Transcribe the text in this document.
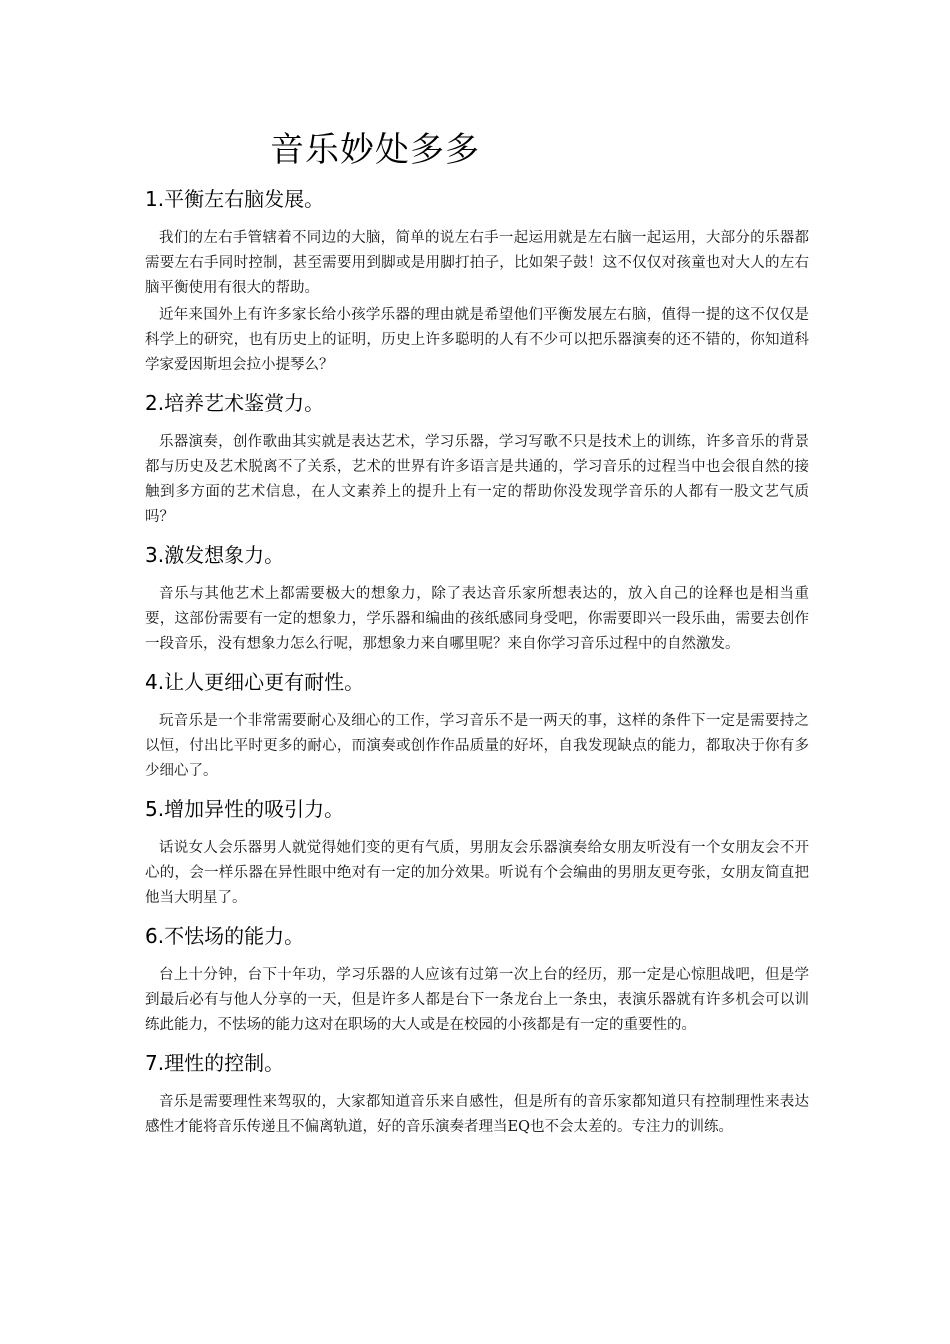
音乐妙处多多
1.平衡左右脑发展。

我们的左右手管辖着不同边的大脑，简单的说左右手一起运用就是左右脑一起运用，大部分的乐器都需要左右手同时控制，甚至需要用到脚或是用脚打拍子，比如架子鼓！这不仅仅对孩童也对大人的左右脑平衡使用有很大的帮助。

近年来国外上有许多家长给小孩学乐器的理由就是希望他们平衡发展左右脑，值得一提的这不仅仅是科学上的研究，也有历史上的证明，历史上许多聪明的人有不少可以把乐器演奏的还不错的，你知道科学家爱因斯坦会拉小提琴么？

2.培养艺术鉴赏力。

乐器演奏，创作歌曲其实就是表达艺术，学习乐器，学习写歌不只是技术上的训练，许多音乐的背景都与历史及艺术脱离不了关系，艺术的世界有许多语言是共通的，学习音乐的过程当中也会很自然的接触到多方面的艺术信息，在人文素养上的提升上有一定的帮助你没发现学音乐的人都有一股文艺气质吗？

3.激发想象力。

音乐与其他艺术上都需要极大的想象力，除了表达音乐家所想表达的，放入自己的诠释也是相当重要，这部份需要有一定的想象力，学乐器和编曲的孩纸感同身受吧，你需要即兴一段乐曲，需要去创作一段音乐，没有想象力怎么行呢，那想象力来自哪里呢？来自你学习音乐过程中的自然激发。

4.让人更细心更有耐性。

玩音乐是一个非常需要耐心及细心的工作，学习音乐不是一两天的事，这样的条件下一定是需要持之以恒，付出比平时更多的耐心，而演奏或创作作品质量的好坏，自我发现缺点的能力，都取决于你有多少细心了。

5.增加异性的吸引力。

话说女人会乐器男人就觉得她们变的更有气质，男朋友会乐器演奏给女朋友听没有一个女朋友会不开心的，会一样乐器在异性眼中绝对有一定的加分效果。听说有个会编曲的男朋友更夸张，女朋友简直把他当大明星了。

6.不怯场的能力。

台上十分钟，台下十年功，学习乐器的人应该有过第一次上台的经历，那一定是心惊胆战吧，但是学到最后必有与他人分享的一天，但是许多人都是台下一条龙台上一条虫，表演乐器就有许多机会可以训练此能力，不怯场的能力这对在职场的大人或是在校园的小孩都是有一定的重要性的。

7.理性的控制。

音乐是需要理性来驾驭的，大家都知道音乐来自感性，但是所有的音乐家都知道只有控制理性来表达感性才能将音乐传递且不偏离轨道，好的音乐演奏者理当EQ也不会太差的。专注力的训练。
